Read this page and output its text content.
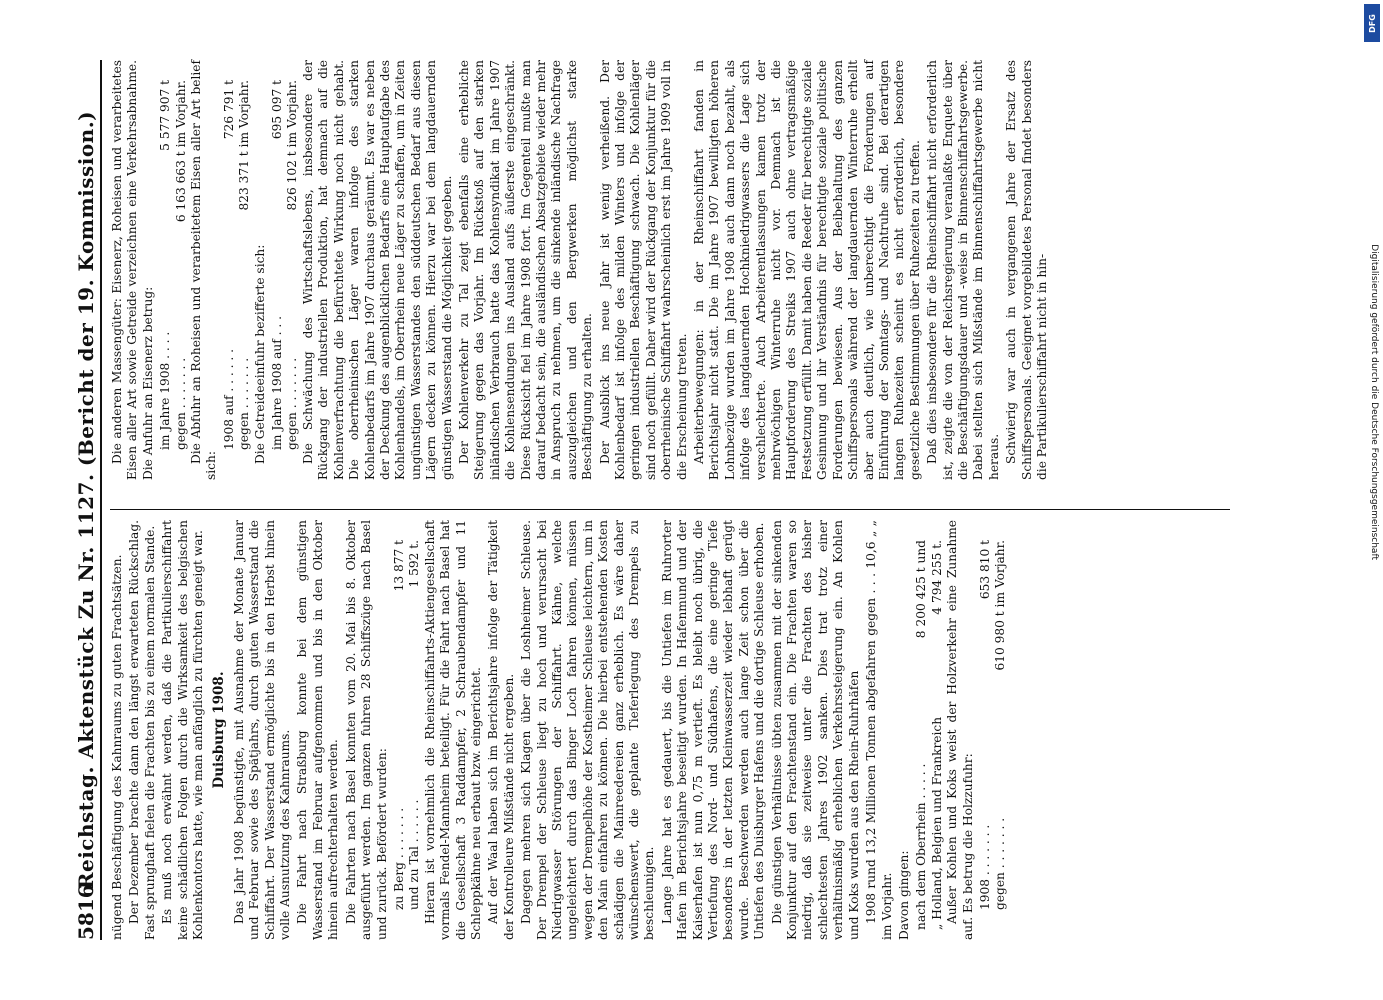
5816
Reichstag. Aktenstück Zu Nr. 1127. (Bericht der 19. Kommission.) nügend Beschäftigung des Kahnraums zu guten Frachtsätzen. Der Dezember brachte dann den längst erwarteten Rückschlag. Fast sprunghaft fielen die Frachten bis zu einem normalen Stande. Es muß noch erwähnt werden, daß die Partikulierschiffahrt keine schädlichen Folgen durch die Wirksamkeit des belgischen Kohlenkontors hatte, wie man anfänglich zu fürchten geneigt war. Duisburg 1908. Das Jahr 1908 begünstigte, mit Ausnahme der Monate Januar und Februar sowie des Spätjahrs, durch guten Wasserstand die Schiffahrt. Der Wasserstand ermöglichte bis in den Herbst hinein volle Ausnutzung des Kahnraums. Die Fahrt nach Straßburg konnte bei dem günstigen Wasserstand im Februar aufgenommen und bis in den Oktober hinein aufrechterhalten werden. Die Fahrten nach Basel konnten vom 20. Mai bis 8. Oktober ausgeführt werden. Im ganzen fuhren 28 Schiffszüge nach Basel und zurück. Befördert wurden: zu Berg . . . . . . .
13 877 t
und zu Tal . . . . . .
1 592 t. Hieran ist vornehmlich die Rheinschiffahrts-Aktiengesellschaft vormals Fendel-Mannheim beteiligt. Für die Fahrt nach Basel hat die Gesellschaft 3 Raddampfer, 2 Schraubendampfer und 11 Schleppkähne neu erbaut bzw. eingerichtet. Auf der Waal haben sich im Berichtsjahre infolge der Tätigkeit der Kontrolleure Mißstände nicht ergeben. Dagegen mehren sich Klagen über die Loshheimer Schleuse. Der Drempel der Schleuse liegt zu hoch und verursacht bei Niedrigwasser Störungen der Schiffahrt. Kähne, welche ungeleichtert durch das Binger Loch fahren können, müssen wegen der Drempelhöhe der Kostheimer Schleuse leichtern, um in den Main einfahren zu können. Die hierbei entstehenden Kosten schädigen die Mainreedereien ganz erheblich. Es wäre daher wünschenswert, die geplante Tieferlegung des Drempels zu beschleunigen. Lange Jahre hat es gedauert, bis die Untiefen im Ruhrorter Hafen im Berichtsjahre beseitigt wurden. In Hafenmund und der Kaiserhafen ist nun 0,75 m vertieft. Es bleibt noch übrig, die Vertiefung des Nord- und Südhafens, die eine geringe Tiefe besonders in der letzten Kleinwasserzeit wieder lebhaft gerügt wurde. Beschwerden werden auch lange Zeit schon über die Untiefen des Duisburger Hafens und die dortige Schleuse erhoben. Die günstigen Verhältnisse übten zusammen mit der sinkenden Konjunktur auf den Frachtenstand ein. Die Frachten waren so niedrig, daß sie zeitweise unter die Frachten des bisher schlechtesten Jahres 1902 sanken. Dies trat trotz einer verhältnismäßig erheblichen Verkehrssteigerung ein. An Kohlen und Koks wurden aus den Rhein-Ruhrhäfen 1908 rund 13,2 Millionen Tonnen abgefahren gegen . . . 10,6 „ „ im Vorjahr. Davon gingen: nach dem Oberrhein . . . . .
8 200 425 t und
„ Holland, Belgien und Frankreich
4 794 255 t. Außer Kohlen und Koks weist der Holzverkehr eine Zunahme auf. Es betrug die Holzzufuhr: 1908 . . . . . . .
653 810 t
gegen . . . . . . .
610 980 t im Vorjahr.

Die anderen Massengüter: Eisenerz, Roheisen und verarbeitetes Eisen aller Art sowie Getreide verzeichnen eine Verkehrsabnahme. Die Anfuhr an Eisenerz betrug: im Jahre 1908 . . . .
5 577 907 t
gegen . . . . . . .
6 163 663 t im Vorjahr. Die Abfuhr an Roheisen und verarbeitetem Eisen aller Art belief sich:

1908 auf . . . . . .
726 791 t
gegen . . . . . . .
823 371 t im Vorjahr.

Die Getreideeinfuhr bezifferte sich: im Jahre 1908 auf . . .
695 097 t
gegen . . . . . . .
826 102 t im Vorjahr. Die Schwächung des Wirtschaftslebens, insbesondere der Rückgang der industriellen Produktion, hat demnach auf die Kohlenverfrachtung die befürchtete Wirkung noch nicht gehabt. Die oberrheinischen Läger waren infolge des starken Kohlenbedarfs im Jahre 1907 durchaus geräumt. Es war es neben der Deckung des augenblicklichen Bedarfs eine Hauptaufgabe des Kohlenhandels, im Oberrhein neue Läger zu schaffen, um in Zeiten ungünstigen Wasserstandes den süddeutschen Bedarf aus diesen Lägern decken zu können. Hierzu war bei dem langdauernden günstigen Wasserstand die Möglichkeit gegeben. Der Kohlenverkehr zu Tal zeigt ebenfalls eine erhebliche Steigerung gegen das Vorjahr. Im Rückstoß auf den starken inländischen Verbrauch hatte das Kohlensyndikat im Jahre 1907 die Kohlensendungen ins Ausland aufs äußerste eingeschränkt. Diese Rücksicht fiel im Jahre 1908 fort. Im Gegenteil mußte man darauf bedacht sein, die ausländischen Absatzgebiete wieder mehr in Anspruch zu nehmen, um die sinkende inländische Nachfrage auszugleichen und den Bergwerken möglichst starke Beschäftigung zu erhalten. Der Ausblick ins neue Jahr ist wenig verheißend. Der Kohlenbedarf ist infolge des milden Winters und infolge der geringen industriellen Beschäftigung schwach. Die Kohlenläger sind noch gefüllt. Daher wird der Rückgang der Konjunktur für die oberrheinische Schiffahrt wahrscheinlich erst im Jahre 1909 voll in die Erscheinung treten. Arbeiterbewegungen: in der Rheinschiffahrt fanden in Berichtsjahr nicht statt. Die im Jahre 1907 bewilligten höheren Lohnbezüge wurden im Jahre 1908 auch dann noch bezahlt, als infolge des langdauernden Hochkniedrigwassers die Lage sich verschlechterte. Auch Arbeiterentlassungen kamen trotz der mehrwöchigen Winterruhe nicht vor. Demnach ist die Hauptforderung des Streiks 1907 auch ohne vertragsmäßige Festsetzung erfüllt. Damit haben die Reeder für berechtigte soziale Gesinnung und ihr Verständnis für berechtigte soziale politische Forderungen bewiesen. Aus der Beibehaltung des ganzen Schiffspersonals während der langdauernden Winterruhe erhellt aber auch deutlich, wie unberechtigt die Forderungen auf Einführung der Sonntags- und Nachtruhe sind. Bei derartigen langen Ruhezeiten scheint es nicht erforderlich, besondere gesetzliche Bestimmungen über Ruhezeiten zu treffen. Daß dies insbesondere für die Rheinschiffahrt nicht erforderlich ist, zeigte die von der Reichsregierung veranlaßte Enquete über die Beschäftigungsdauer und -weise in Binnenschiffahrtsgewerbe. Dabei stellten sich Mißstände im Binnenschiffahrtsgewerbe nicht heraus. Schwierig war auch in vergangenen Jahre der Ersatz des Schiffspersonals. Geeignet vorgebildetes Personal findet besonders die Partikulierschiffahrt nicht in hin-

DFG
Digitalisierung gefördert durch die Deutsche Forschungsgemeinschaft
